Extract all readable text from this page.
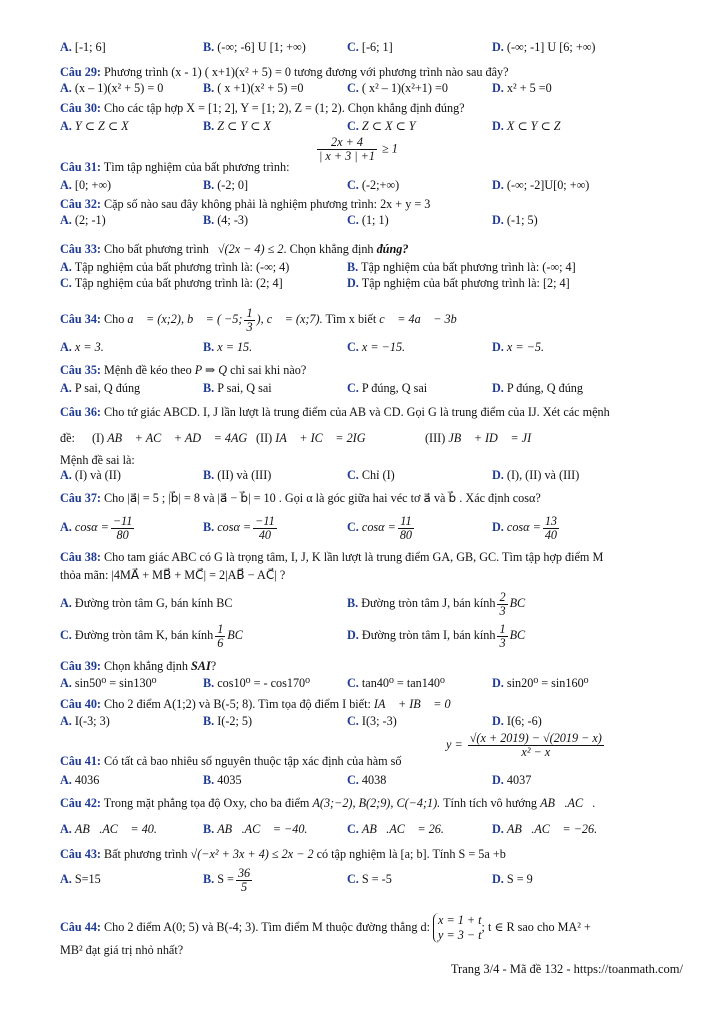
A. [-1; 6]	B. (-∞; -6] U [1; +∞)	C. [-6; 1]	D. (-∞; -1] U [6; +∞)
Câu 29: Phương trình (x - 1) ( x+1)(x² + 5) = 0 tương đương với phương trình nào sau đây?
A. (x – 1)(x² + 5) = 0	B. ( x +1)(x² + 5) =0	C. ( x² – 1)(x²+1) =0	D. x² + 5 =0
Câu 30: Cho các tập hợp X = [1; 2], Y = [1; 2), Z = (1; 2). Chọn khẳng định đúng?
A. Y ⊂ Z ⊂ X	B. Z ⊂ Y ⊂ X	C. Z ⊂ X ⊂ Y	D. X ⊂ Y ⊂ Z
Câu 31: Tìm tập nghiệm của bất phương trình:
$\frac{2x + 4}{| x + 3 | +1} \ge 1$
A. [0; +∞)	B. (-2; 0]	C. (-2;+∞)	D. (-∞; -2]U[0; +∞)
Câu 32: Cặp số nào sau đây không phải là nghiệm phương trình: 2x + y = 3
A. (2; -1)	B. (4; -3)	C. (1; 1)	D. (-1; 5)
Câu 33: Cho bất phương trình √(2x − 4) ≤ 2. Chọn khẳng định đúng?
A. Tập nghiệm của bất phương trình là: (-∞; 4)	B. Tập nghiệm của bất phương trình là: (-∞; 4]
C. Tập nghiệm của bất phương trình là: (2; 4]	D. Tập nghiệm của bất phương trình là: [2; 4]
Câu 34: Cho a⃗ = (x;2), b⃗ = ( −5; $\frac{1}{3}$ ), c⃗ = (x;7). Tìm x biết c⃗ = 4a⃗ − 3b⃗
A. x = 3.	B. x = 15.	C. x = −15.	D. x = −5.
Câu 35: Mệnh đề kéo theo P ⇒ Q chỉ sai khi nào?
A. P sai, Q đúng	B. P sai, Q sai	C. P đúng, Q sai	D. P đúng, Q đúng
Câu 36: Cho tứ giác ABCD. I, J lần lượt là trung điểm của AB và CD. Gọi G là trung điểm của IJ. Xét các mệnh
đề: (I) AB⃗ + AC⃗ + AD⃗ = 4AG⃗ (II) IA⃗ + IC⃗ = 2IG⃗	(III) JB⃗ + ID⃗ = JI⃗
Mệnh đề sai là:
A. (I) và (II)	B. (II) và (III)	C. Chỉ (I)	D. (I), (II) và (III)
Câu 37: Cho |a⃗| = 5 ; |b⃗| = 8 và |a⃗ − b⃗| = 10 . Gọi α là góc giữa hai véc tơ a⃗ và b⃗ . Xác định cosα?
A. $\cos\alpha = \frac{-11}{80}$	B. $\cos\alpha = \frac{-11}{40}$	C. $\cos\alpha = \frac{11}{80}$	D. $\cos\alpha = \frac{13}{40}$
Câu 38: Cho tam giác ABC có G là trọng tâm, I, J, K lần lượt là trung điểm GA, GB, GC. Tìm tập hợp điểm M
thỏa mãn: |4MA⃗ + MB⃗ + MC⃗| = 2|AB⃗ − AC⃗| ?
A. Đường tròn tâm G, bán kính BC	B. Đường tròn tâm J, bán kính $\frac{2}{3}$ BC
C. Đường tròn tâm K, bán kính $\frac{1}{6}$ BC	D. Đường tròn tâm I, bán kính $\frac{1}{3}$ BC
Câu 39: Chọn khẳng định SAI?
A. sin50⁰ = sin130⁰	B. cos10⁰ = - cos170⁰	C. tan40⁰ = tan140⁰	D. sin20⁰ = sin160⁰
Câu 40: Cho 2 điểm A(1;2) và B(-5; 8). Tìm tọa độ điểm I biết: IA⃗ + IB⃗ = 0⃗
A. I(-3; 3)	B. I(-2; 5)	C. I(3; -3)	D. I(6; -6)
Câu 41: Có tất cả bao nhiêu số nguyên thuộc tập xác định của hàm số
$y = \frac{√(x + 2019) - √(2019 - x)}{\text{x² − x}}$
A. 4036	B. 4035	C. 4038	D. 4037
Câu 42: Trong mặt phẳng tọa độ Oxy, cho ba điểm A(3;−2), B(2;9), C(−4;1). Tính tích vô hướng AB⃗.AC⃗.
A. AB⃗.AC⃗ = 40.	B. AB⃗.AC⃗ = −40.	C. AB⃗.AC⃗ = 26.	D. AB⃗.AC⃗ = −26.
Câu 43: Bất phương trình √(−x² + 3x + 4) ≤ 2x − 2 có tập nghiệm là [a; b]. Tính S = 5a +b
A. S=15	B. $S = \frac{36}{5}$	C. S = -5	D. S = 9
Câu 44: Cho 2 điểm A(0; 5) và B(-4; 3). Tìm điểm M thuộc đường thẳng d: x = 1 + t
y = 3 − t
; t ∈ R sao cho MA² +
MB² đạt giá trị nhỏ nhất?
Trang 3/4 - Mã đề 132 - https://toanmath.com/
